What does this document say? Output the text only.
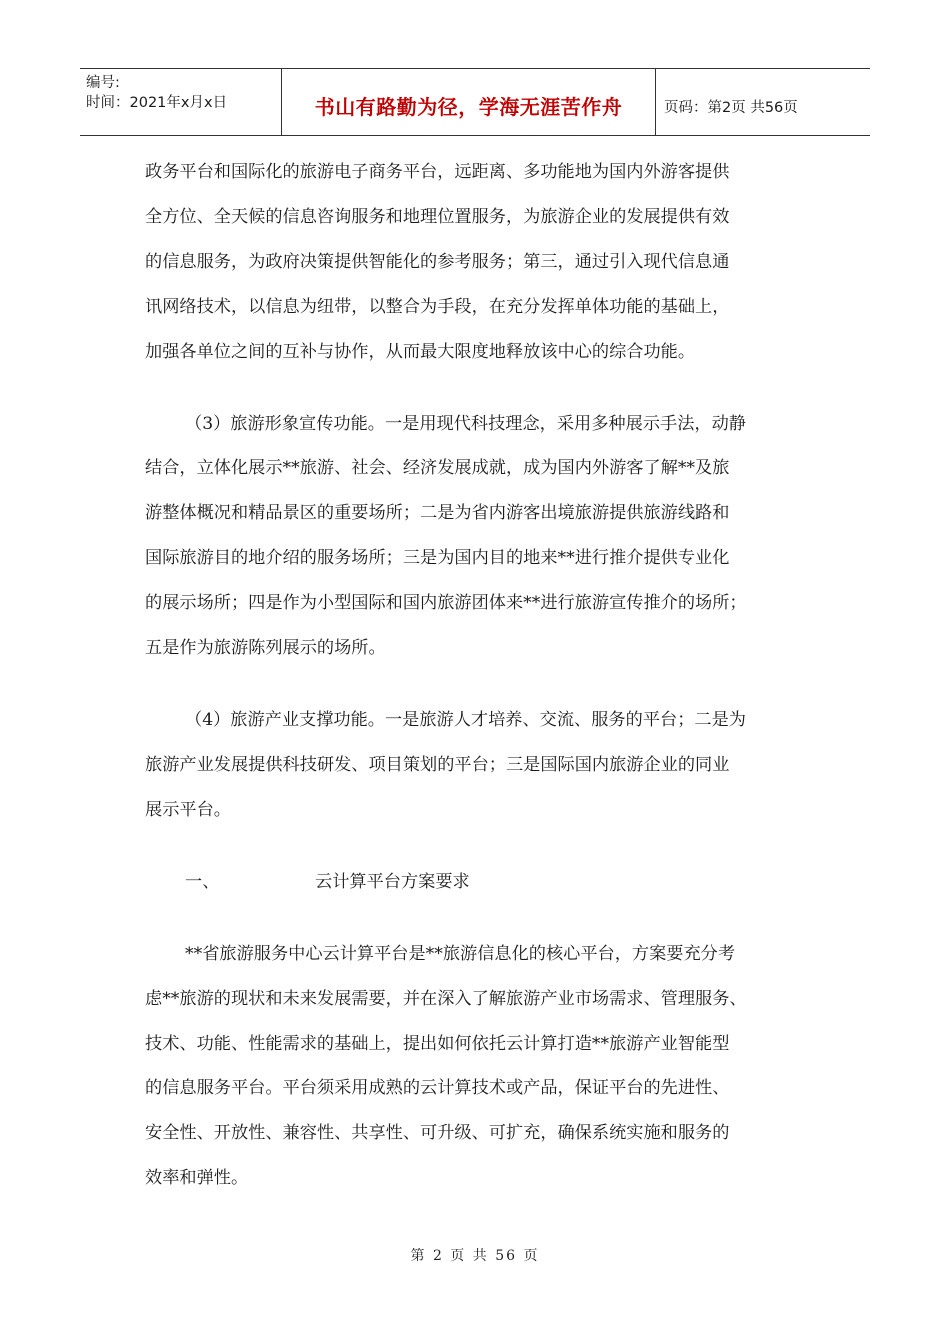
编号:
时间：2021年x月x日	书山有路勤为径，学海无涯苦作舟	页码：第2页 共56页

政务平台和国际化的旅游电子商务平台，远距离、多功能地为国内外游客提供

全方位、全天候的信息咨询服务和地理位置服务，为旅游企业的发展提供有效

的信息服务，为政府决策提供智能化的参考服务；第三，通过引入现代信息通

讯网络技术，以信息为纽带，以整合为手段，在充分发挥单体功能的基础上，

加强各单位之间的互补与协作，从而最大限度地释放该中心的综合功能。

（3）旅游形象宣传功能。一是用现代科技理念，采用多种展示手法，动静

结合，立体化展示**旅游、社会、经济发展成就，成为国内外游客了解**及旅

游整体概况和精品景区的重要场所；二是为省内游客出境旅游提供旅游线路和

国际旅游目的地介绍的服务场所；三是为国内目的地来**进行推介提供专业化

的展示场所；四是作为小型国际和国内旅游团体来**进行旅游宣传推介的场所；

五是作为旅游陈列展示的场所。

（4）旅游产业支撑功能。一是旅游人才培养、交流、服务的平台；二是为

旅游产业发展提供科技研发、项目策划的平台；三是国际国内旅游企业的同业

展示平台。

一、	云计算平台方案要求

**省旅游服务中心云计算平台是**旅游信息化的核心平台，方案要充分考

虑**旅游的现状和未来发展需要，并在深入了解旅游产业市场需求、管理服务、

技术、功能、性能需求的基础上，提出如何依托云计算打造**旅游产业智能型

的信息服务平台。平台须采用成熟的云计算技术或产品，保证平台的先进性、

安全性、开放性、兼容性、共享性、可升级、可扩充，确保系统实施和服务的

效率和弹性。

第 2 页 共 56 页
